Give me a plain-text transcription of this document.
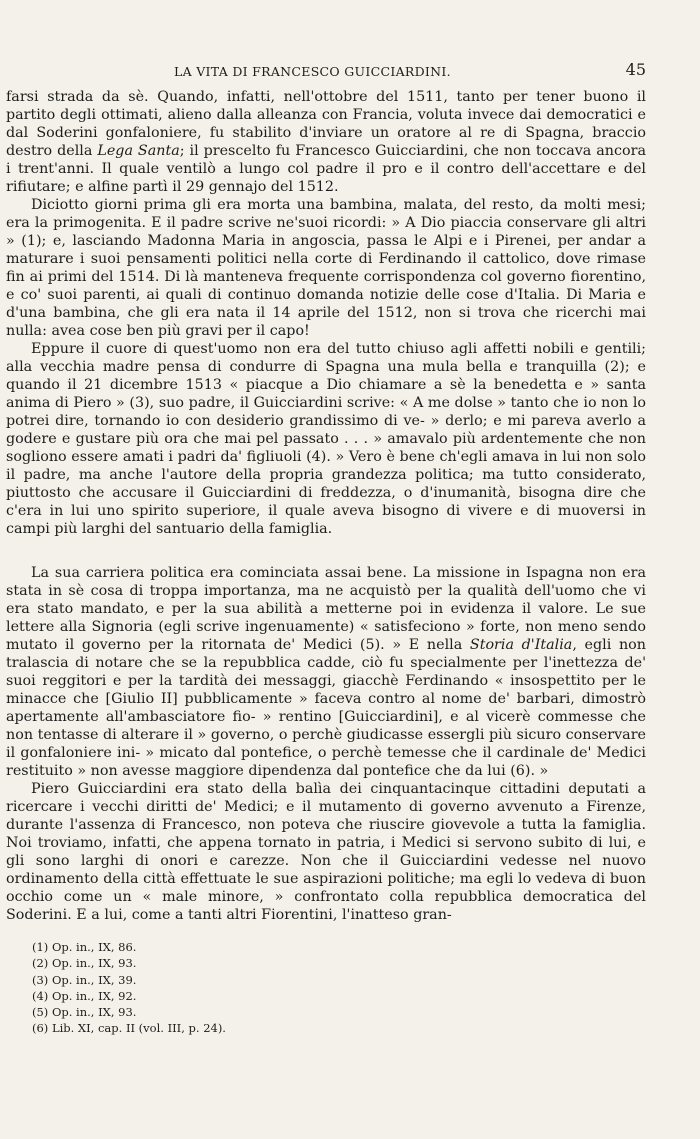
LA VITA DI FRANCESCO GUICCIARDINI.	45

farsi strada da sè. Quando, infatti, nell'ottobre del 1511, tanto per tener buono il partito degli ottimati, alieno dalla alleanza con Francia, voluta invece dai democratici e dal Soderini gonfaloniere, fu stabilito d'inviare un oratore al re di Spagna, braccio destro della Lega Santa; il prescelto fu Francesco Guicciardini, che non toccava ancora i trent'anni. Il quale ventilò a lungo col padre il pro e il contro dell'accettare e del rifiutare; e alfine partì il 29 gennajo del 1512.

Diciotto giorni prima gli era morta una bambina, malata, del resto, da molti mesi; era la primogenita. E il padre scrive ne'suoi ricordi: » A Dio piaccia conservare gli altri » (1); e, lasciando Madonna Maria in angoscia, passa le Alpi e i Pirenei, per andar a maturare i suoi pensamenti politici nella corte di Ferdinando il cattolico, dove rimase fin ai primi del 1514. Di là manteneva frequente corrispondenza col governo fiorentino, e co' suoi parenti, ai quali di continuo domanda notizie delle cose d'Italia. Di Maria e d'una bambina, che gli era nata il 14 aprile del 1512, non si trova che ricerchi mai nulla: avea cose ben più gravi per il capo!

Eppure il cuore di quest'uomo non era del tutto chiuso agli affetti nobili e gentili; alla vecchia madre pensa di condurre di Spagna una mula bella e tranquilla (2); e quando il 21 dicembre 1513 « piacque a Dio chiamare a sè la benedetta e » santa anima di Piero » (3), suo padre, il Guicciardini scrive: « A me dolse » tanto che io non lo potrei dire, tornando io con desiderio grandissimo di ve- » derlo; e mi pareva averlo a godere e gustare più ora che mai pel passato . . . » amavalo più ardentemente che non sogliono essere amati i padri da' figliuoli (4). » Vero è bene ch'egli amava in lui non solo il padre, ma anche l'autore della propria grandezza politica; ma tutto considerato, piuttosto che accusare il Guicciardini di freddezza, o d'inumanità, bisogna dire che c'era in lui uno spirito superiore, il quale aveva bisogno di vivere e di muoversi in campi più larghi del santuario della famiglia.

La sua carriera politica era cominciata assai bene. La missione in Ispagna non era stata in sè cosa di troppa importanza, ma ne acquistò per la qualità dell'uomo che vi era stato mandato, e per la sua abilità a metterne poi in evidenza il valore. Le sue lettere alla Signoria (egli scrive ingenuamente) « satisfeciono » forte, non meno sendo mutato il governo per la ritornata de' Medici (5). » E nella Storia d'Italia, egli non tralascia di notare che se la repubblica cadde, ciò fu specialmente per l'inettezza de' suoi reggitori e per la tardità dei messaggi, giacchè Ferdinando « insospettito per le minacce che [Giulio II] pubblicamente » faceva contro al nome de' barbari, dimostrò apertamente all'ambasciatore fio- » rentino [Guicciardini], e al vicerè commesse che non tentasse di alterare il » governo, o perchè giudicasse essergli più sicuro conservare il gonfaloniere ini- » micato dal pontefice, o perchè temesse che il cardinale de' Medici restituito » non avesse maggiore dipendenza dal pontefice che da lui (6). »

Piero Guicciardini era stato della balìa dei cinquantacinque cittadini deputati a ricercare i vecchi diritti de' Medici; e il mutamento di governo avvenuto a Firenze, durante l'assenza di Francesco, non poteva che riuscire giovevole a tutta la famiglia. Noi troviamo, infatti, che appena tornato in patria, i Medici si servono subito di lui, e gli sono larghi di onori e carezze. Non che il Guicciardini vedesse nel nuovo ordinamento della città effettuate le sue aspirazioni politiche; ma egli lo vedeva di buon occhio come un « male minore, » confrontato colla repubblica democratica del Soderini. E a lui, come a tanti altri Fiorentini, l'inatteso gran-

(1) Op. in., IX, 86.
(2) Op. in., IX, 93.
(3) Op. in., IX, 39.
(4) Op. in., IX, 92.
(5) Op. in., IX, 93.
(6) Lib. XI, cap. II (vol. III, p. 24).
